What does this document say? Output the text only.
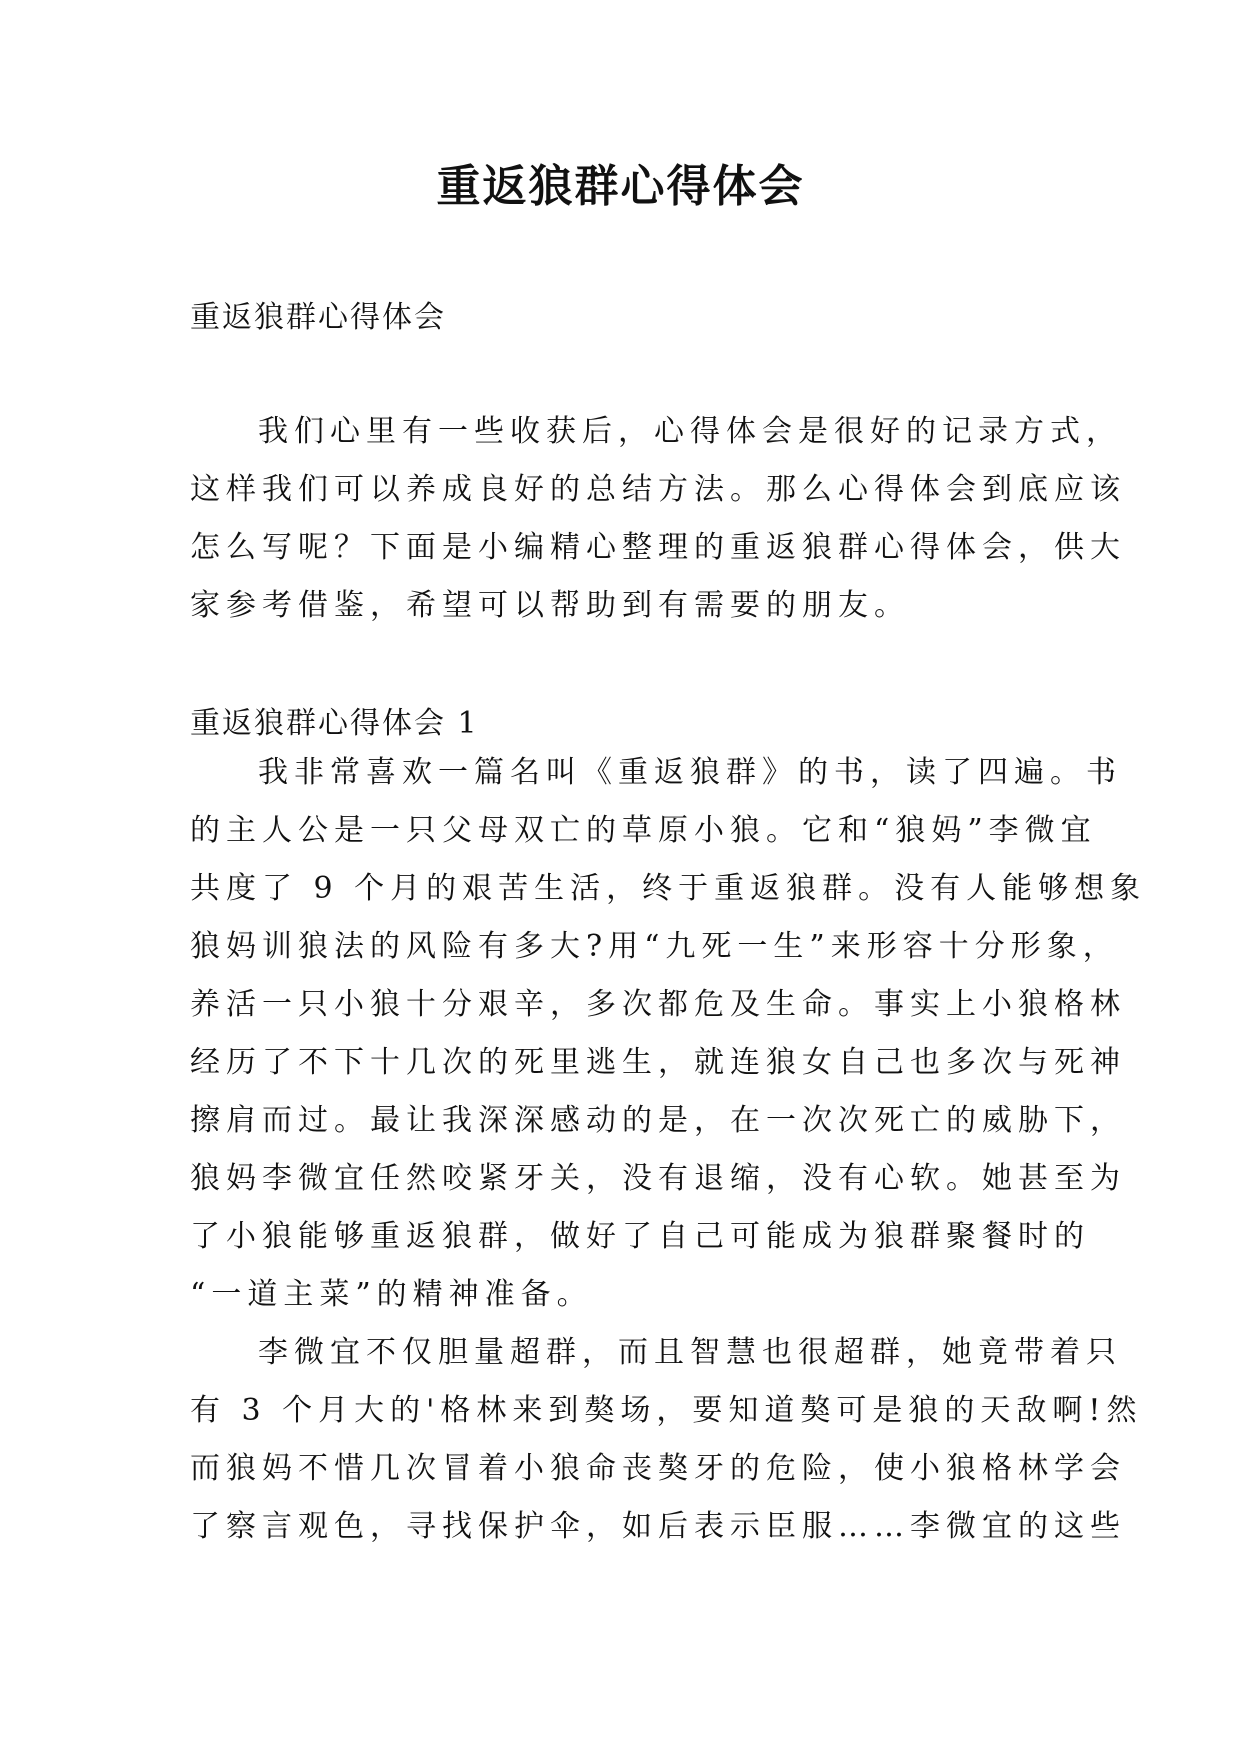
重返狼群心得体会
重返狼群心得体会
我们心里有一些收获后，心得体会是很好的记录方式，
这样我们可以养成良好的总结方法。那么心得体会到底应该
怎么写呢？下面是小编精心整理的重返狼群心得体会，供大
家参考借鉴，希望可以帮助到有需要的朋友。
重返狼群心得体会 1
我非常喜欢一篇名叫《重返狼群》的书，读了四遍。书
的主人公是一只父母双亡的草原小狼。它和“狼妈”李微宜
共度了 9 个月的艰苦生活，终于重返狼群。没有人能够想象
狼妈训狼法的风险有多大?用“九死一生”来形容十分形象，
养活一只小狼十分艰辛，多次都危及生命。事实上小狼格林
经历了不下十几次的死里逃生，就连狼女自己也多次与死神
擦肩而过。最让我深深感动的是，在一次次死亡的威胁下，
狼妈李微宜任然咬紧牙关，没有退缩，没有心软。她甚至为
了小狼能够重返狼群，做好了自己可能成为狼群聚餐时的
“一道主菜”的精神准备。
李微宜不仅胆量超群，而且智慧也很超群，她竟带着只
有 3 个月大的'格林来到獒场，要知道獒可是狼的天敌啊!然
而狼妈不惜几次冒着小狼命丧獒牙的危险，使小狼格林学会
了察言观色，寻找保护伞，如后表示臣服……李微宜的这些
